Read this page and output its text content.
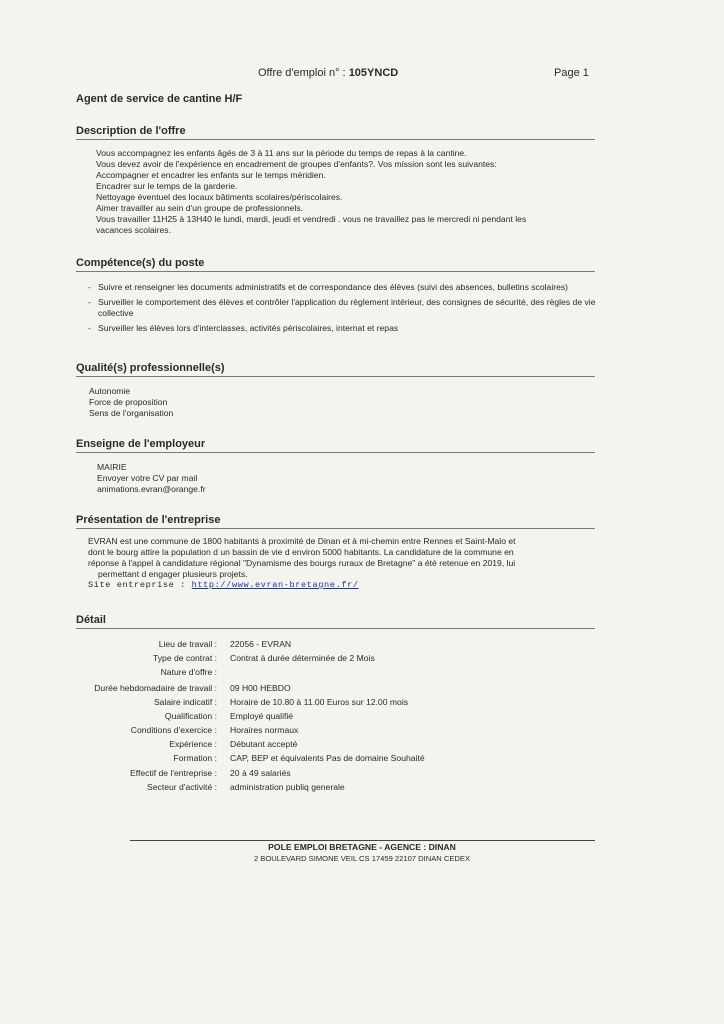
Offre d'emploi n° : 105YNCD	Page 1
Agent de service de cantine H/F
Description de l'offre
Vous accompagnez les enfants âgés de 3 à 11 ans sur la période du temps de repas à la cantine.
Vous devez avoir de l'expérience en encadrement de groupes d'enfants?. Vos mission sont les suivantes:
Accompagner et encadrer les enfants sur le temps méridien.
Encadrer sur le temps de la garderie.
Nettoyage éventuel des locaux bâtiments scolaires/périscolaires.
Aimer travailler au sein d'un groupe de professionnels.
Vous travailler 11H25 à 13H40 le lundi, mardi, jeudi et vendredi . vous ne travaillez pas le mercredi ni pendant les
vacances scolaires.
Compétence(s) du poste
- Suivre et renseigner les documents administratifs et de correspondance des élèves (suivi des absences, bulletins scolaires)
- Surveiller le comportement des élèves et contrôler l'application du règlement intérieur, des consignes de sécurité, des règles de vie collective
- Surveiller les élèves lors d'interclasses, activités périscolaires, internat et repas
Qualité(s) professionnelle(s)
Autonomie
Force de proposition
Sens de l'organisation
Enseigne de l'employeur
MAIRIE
Envoyer votre CV par mail
animations.evran@orange.fr
Présentation de l'entreprise
EVRAN est une commune de 1800 habitants à proximité de Dinan et à mi-chemin entre Rennes et Saint-Malo et
dont le bourg attire la population d un bassin de vie d environ 5000 habitants. La candidature de la commune en
réponse à l'appel à candidature régional "Dynamisme des bourgs ruraux de Bretagne" a été retenue en 2019, lui
permettant d engager plusieurs projets.
Site entreprise : http://www.evran-bretagne.fr/
Détail
Lieu de travail : 22056 - EVRAN
Type de contrat : Contrat à durée déterminée de 2 Mois
Nature d'offre :
Durée hebdomadaire de travail : 09 H00 HEBDO
Salaire indicatif : Horaire de 10.80 à 11.00 Euros sur 12.00 mois
Qualification : Employé qualifié
Conditions d'exercice : Horaires normaux
Expérience : Débutant accepté
Formation : CAP, BEP et équivalents Pas de domaine Souhaité
Effectif de l'entreprise : 20 à 49 salariés
Secteur d'activité : administration publiq generale
POLE EMPLOI BRETAGNE - AGENCE : DINAN
2 BOULEVARD SIMONE VEIL CS 17459 22107 DINAN CEDEX
